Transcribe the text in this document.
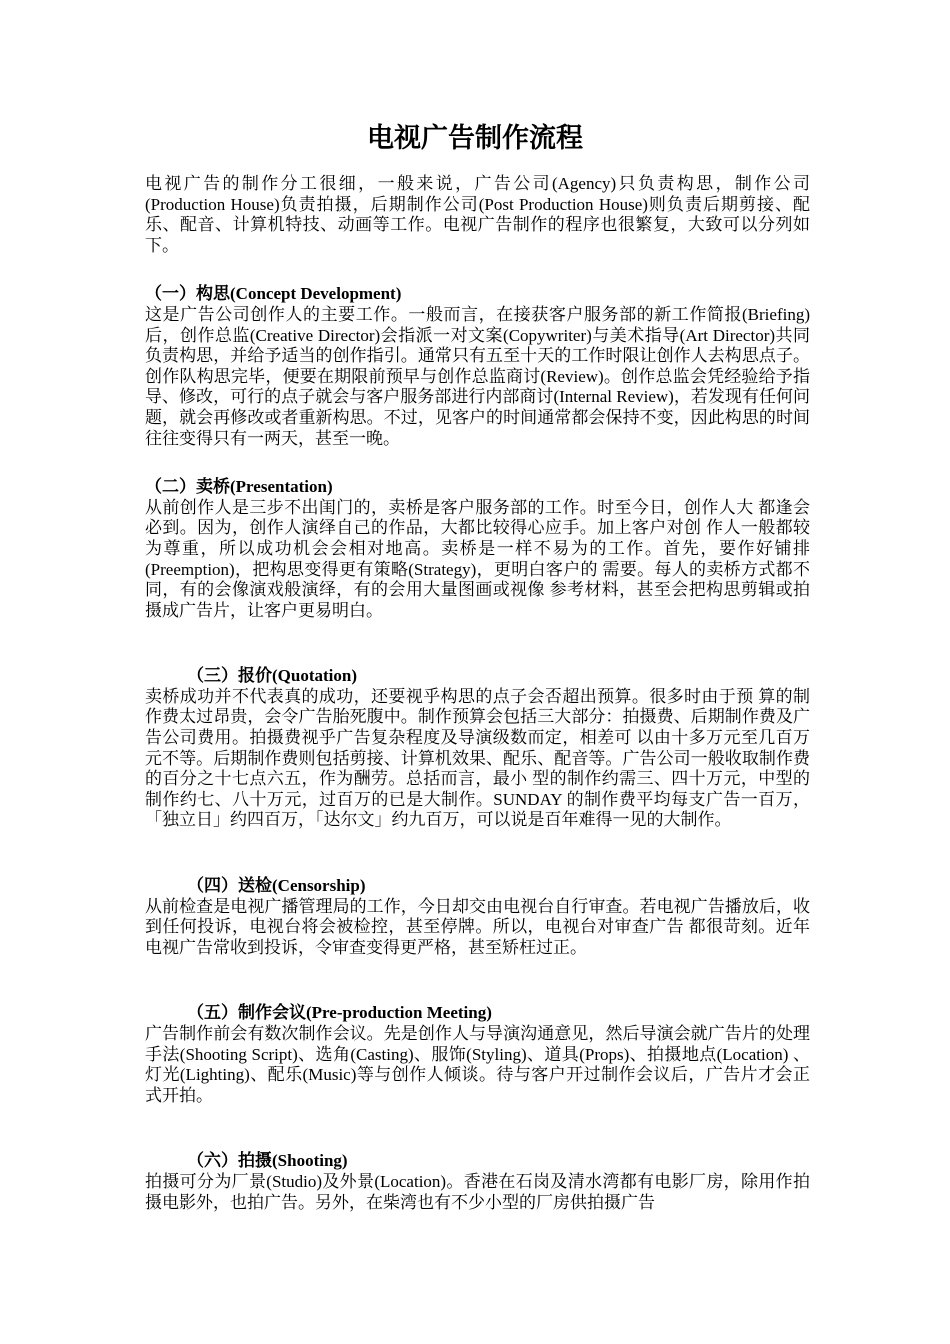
电视广告制作流程

电视广告的制作分工很细，一般来说，广告公司(Agency)只负责构思，制作公司 (Production House)负责拍摄，后期制作公司(Post Production House)则负责后期剪接、配乐、配音、计算机特技、动画等工作。电视广告制作的程序也很繁复，大致可以分列如下。

（一）构思(Concept Development)

这是广告公司创作人的主要工作。一般而言，在接获客户服务部的新工作简报(Briefing)后，创作总监(Creative Director)会指派一对文案(Copywriter)与美术指导(Art Director)共同负责构思，并给予适当的创作指引。通常只有五至十天的工作时限让创作人去构思点子。创作队构思完毕，便要在期限前预早与创作总监商讨(Review)。创作总监会凭经验给予指导、修改，可行的点子就会与客户服务部进行内部商讨(Internal Review)，若发现有任何问题，就会再修改或者重新构思。不过，见客户的时间通常都会保持不变，因此构思的时间往往变得只有一两天，甚至一晚。

（二）卖桥(Presentation)

从前创作人是三步不出闺门的，卖桥是客户服务部的工作。时至今日，创作人大 都逢会必到。因为，创作人演绎自己的作品，大都比较得心应手。加上客户对创 作人一般都较为尊重，所以成功机会会相对地高。卖桥是一样不易为的工作。首先，要作好铺排(Preemption)，把构思变得更有策略(Strategy)，更明白客户的 需要。每人的卖桥方式都不同，有的会像演戏般演绎，有的会用大量图画或视像 参考材料，甚至会把构思剪辑或拍摄成广告片，让客户更易明白。

（三）报价(Quotation)

卖桥成功并不代表真的成功，还要视乎构思的点子会否超出预算。很多时由于预 算的制作费太过昂贵，会令广告胎死腹中。制作预算会包括三大部分：拍摄费、后期制作费及广告公司费用。拍摄费视乎广告复杂程度及导演级数而定，相差可 以由十多万元至几百万元不等。后期制作费则包括剪接、计算机效果、配乐、配音等。广告公司一般收取制作费的百分之十七点六五，作为酬劳。总括而言，最小 型的制作约需三、四十万元，中型的制作约七、八十万元，过百万的已是大制作。SUNDAY 的制作费平均每支广告一百万，「独立日」约四百万，「达尔文」约九百万，可以说是百年难得一见的大制作。

（四）送检(Censorship)

从前检查是电视广播管理局的工作，今日却交由电视台自行审查。若电视广告播放后，收到任何投诉，电视台将会被检控，甚至停牌。所以，电视台对审查广告 都很苛刻。近年电视广告常收到投诉，令审查变得更严格，甚至矫枉过正。

（五）制作会议(Pre-production Meeting)

广告制作前会有数次制作会议。先是创作人与导演沟通意见，然后导演会就广告片的处理手法(Shooting Script)、选角(Casting)、服饰(Styling)、道具(Props)、拍摄地点(Location) 、灯光(Lighting)、配乐(Music)等与创作人倾谈。待与客户开过制作会议后，广告片才会正式开拍。

（六）拍摄(Shooting)

拍摄可分为厂景(Studio)及外景(Location)。香港在石岗及清水湾都有电影厂房，除用作拍摄电影外，也拍广告。另外，在柴湾也有不少小型的厂房供拍摄广告
